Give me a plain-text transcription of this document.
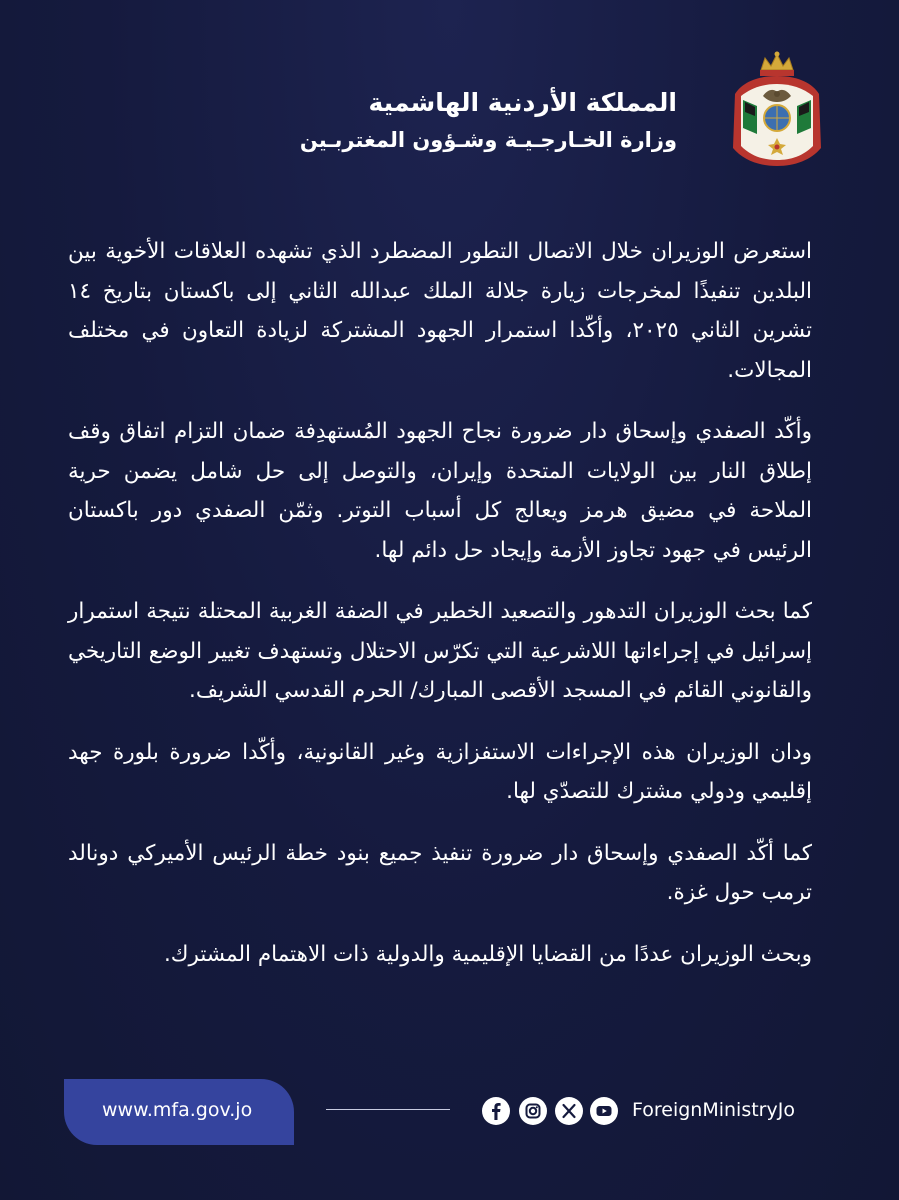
المملكة الأردنية الهاشمية
وزارة الخـارجـيـة وشـؤون المغتربـين

استعرض الوزيران خلال الاتصال التطور المضطرد الذي تشهده العلاقات الأخوية بين البلدين تنفيذًا لمخرجات زيارة جلالة الملك عبدالله الثاني إلى باكستان بتاريخ ١٤ تشرين الثاني ٢٠٢٥، وأكّدا استمرار الجهود المشتركة لزيادة التعاون في مختلف المجالات.

وأكّد الصفدي وإسحاق دار ضرورة نجاح الجهود المُستهدِفة ضمان التزام اتفاق وقف إطلاق النار بين الولايات المتحدة وإيران، والتوصل إلى حل شامل يضمن حرية الملاحة في مضيق هرمز ويعالج كل أسباب التوتر. وثمّن الصفدي دور باكستان الرئيس في جهود تجاوز الأزمة وإيجاد حل دائم لها.

كما بحث الوزيران التدهور والتصعيد الخطير في الضفة الغربية المحتلة نتيجة استمرار إسرائيل في إجراءاتها اللاشرعية التي تكرّس الاحتلال وتستهدف تغيير الوضع التاريخي والقانوني القائم في المسجد الأقصى المبارك/ الحرم القدسي الشريف.

ودان الوزيران هذه الإجراءات الاستفزازية وغير القانونية، وأكّدا ضرورة بلورة جهد إقليمي ودولي مشترك للتصدّي لها.

كما أكّد الصفدي وإسحاق دار ضرورة تنفيذ جميع بنود خطة الرئيس الأميركي دونالد ترمب حول غزة.

وبحث الوزيران عددًا من القضايا الإقليمية والدولية ذات الاهتمام المشترك.

www.mfa.gov.jo	ForeignMinistryJo
